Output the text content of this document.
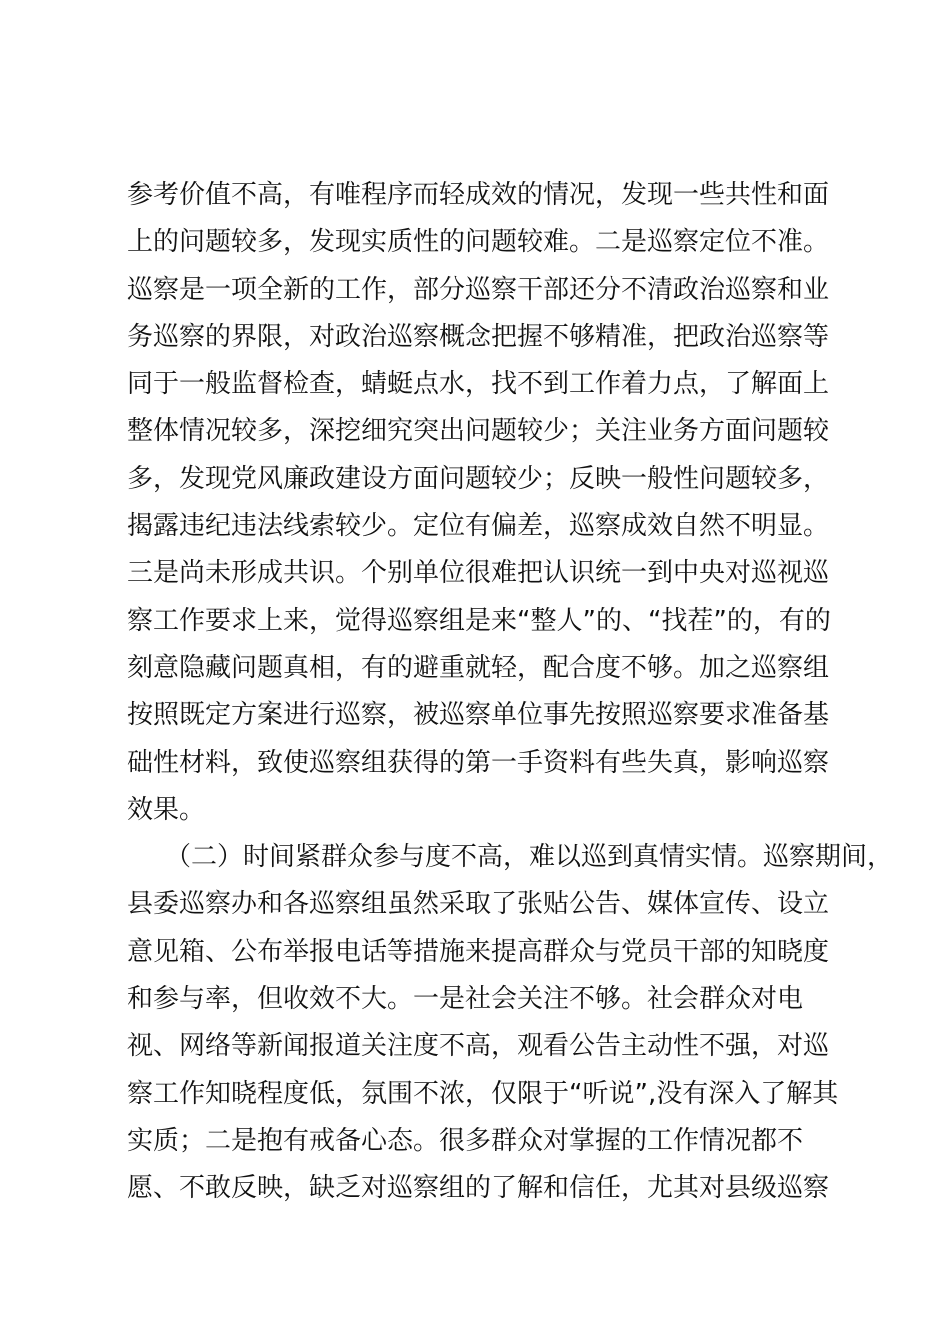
参考价值不高，有唯程序而轻成效的情况，发现一些共性和面
上的问题较多，发现实质性的问题较难。二是巡察定位不准。
巡察是一项全新的工作，部分巡察干部还分不清政治巡察和业
务巡察的界限，对政治巡察概念把握不够精准，把政治巡察等
同于一般监督检查，蜻蜓点水，找不到工作着力点，了解面上
整体情况较多，深挖细究突出问题较少；关注业务方面问题较
多，发现党风廉政建设方面问题较少；反映一般性问题较多，
揭露违纪违法线索较少。定位有偏差，巡察成效自然不明显。
三是尚未形成共识。个别单位很难把认识统一到中央对巡视巡
察工作要求上来，觉得巡察组是来“整人”的、“找茬”的，有的
刻意隐藏问题真相，有的避重就轻，配合度不够。加之巡察组
按照既定方案进行巡察，被巡察单位事先按照巡察要求准备基
础性材料，致使巡察组获得的第一手资料有些失真，影响巡察
效果。
（二）时间紧群众参与度不高，难以巡到真情实情。巡察期间，
县委巡察办和各巡察组虽然采取了张贴公告、媒体宣传、设立
意见箱、公布举报电话等措施来提高群众与党员干部的知晓度
和参与率，但收效不大。一是社会关注不够。社会群众对电
视、网络等新闻报道关注度不高，观看公告主动性不强，对巡
察工作知晓程度低，氛围不浓，仅限于“听说”,没有深入了解其
实质；二是抱有戒备心态。很多群众对掌握的工作情况都不
愿、不敢反映，缺乏对巡察组的了解和信任，尤其对县级巡察
